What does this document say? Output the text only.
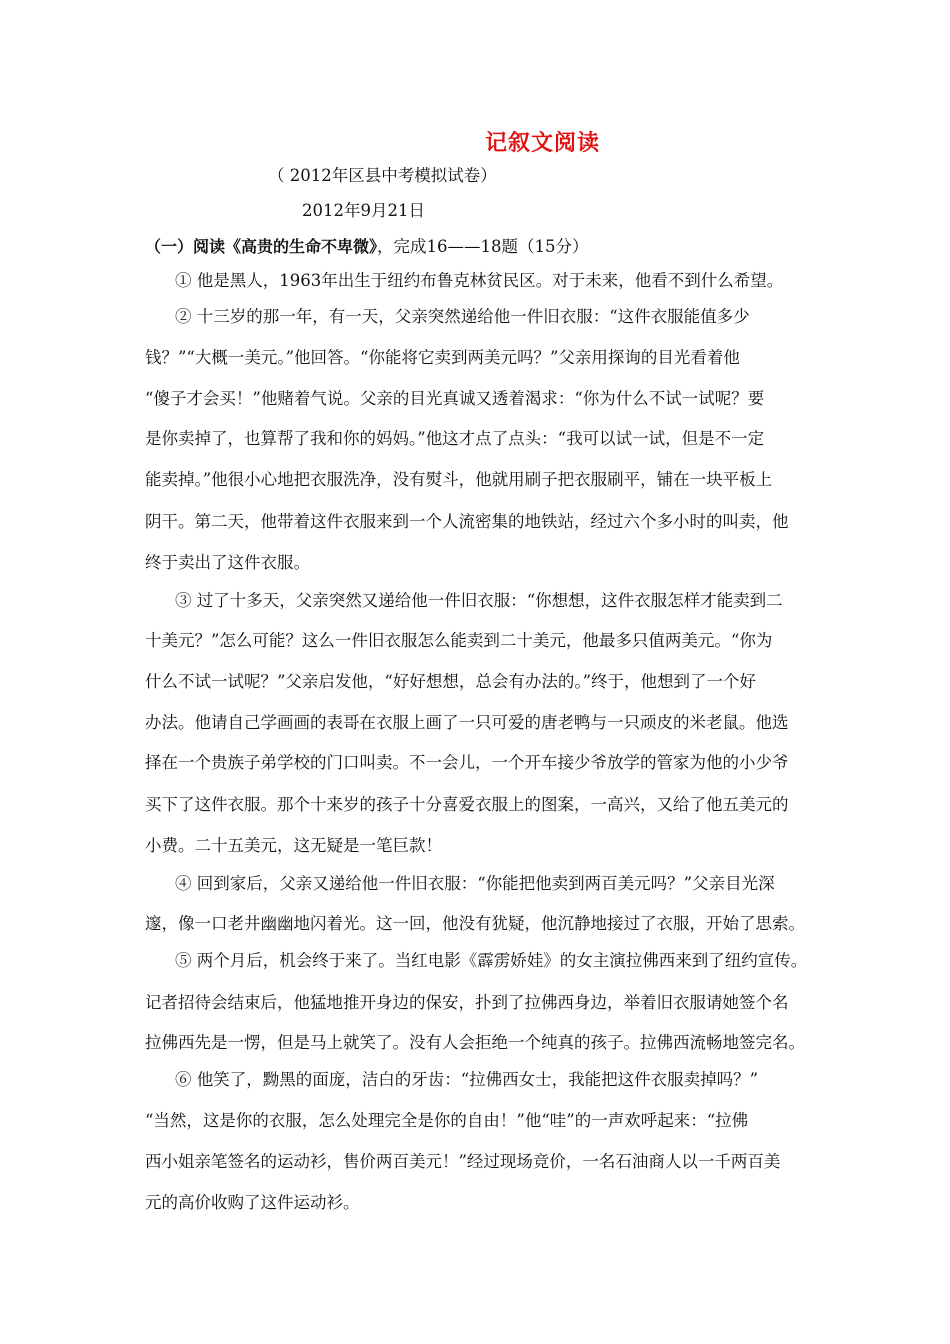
记叙文阅读
（ 2012年区县中考模拟试卷）
2012年9月21日
（一）阅读《高贵的生命不卑微》，完成16——18题（15分）
① 他是黑人，1963年出生于纽约布鲁克林贫民区。对于未来，他看不到什么希望。
② 十三岁的那一年，有一天，父亲突然递给他一件旧衣服：“这件衣服能值多少
钱？”“大概一美元。”他回答。“你能将它卖到两美元吗？”父亲用探询的目光看着他
“傻子才会买！”他赌着气说。父亲的目光真诚又透着渴求：“你为什么不试一试呢？要
是你卖掉了，也算帮了我和你的妈妈。”他这才点了点头：“我可以试一试，但是不一定
能卖掉。”他很小心地把衣服洗净，没有熨斗，他就用刷子把衣服刷平，铺在一块平板上
阴干。第二天，他带着这件衣服来到一个人流密集的地铁站，经过六个多小时的叫卖，他
终于卖出了这件衣服。
③ 过了十多天，父亲突然又递给他一件旧衣服：“你想想，这件衣服怎样才能卖到二
十美元？”怎么可能？这么一件旧衣服怎么能卖到二十美元，他最多只值两美元。“你为
什么不试一试呢？”父亲启发他，“好好想想，总会有办法的。”终于，他想到了一个好
办法。他请自己学画画的表哥在衣服上画了一只可爱的唐老鸭与一只顽皮的米老鼠。他选
择在一个贵族子弟学校的门口叫卖。不一会儿，一个开车接少爷放学的管家为他的小少爷
买下了这件衣服。那个十来岁的孩子十分喜爱衣服上的图案，一高兴，又给了他五美元的
小费。二十五美元，这无疑是一笔巨款！
④ 回到家后，父亲又递给他一件旧衣服：“你能把他卖到两百美元吗？”父亲目光深
邃，像一口老井幽幽地闪着光。这一回，他没有犹疑，他沉静地接过了衣服，开始了思索。
⑤ 两个月后，机会终于来了。当红电影《霹雳娇娃》的女主演拉佛西来到了纽约宣传。
记者招待会结束后，他猛地推开身边的保安，扑到了拉佛西身边，举着旧衣服请她签个名
拉佛西先是一愣，但是马上就笑了。没有人会拒绝一个纯真的孩子。拉佛西流畅地签完名。
⑥ 他笑了，黝黑的面庞，洁白的牙齿：“拉佛西女士，我能把这件衣服卖掉吗？”
“当然，这是你的衣服，怎么处理完全是你的自由！”他“哇”的一声欢呼起来：“拉佛
西小姐亲笔签名的运动衫，售价两百美元！”经过现场竞价，一名石油商人以一千两百美
元的高价收购了这件运动衫。
